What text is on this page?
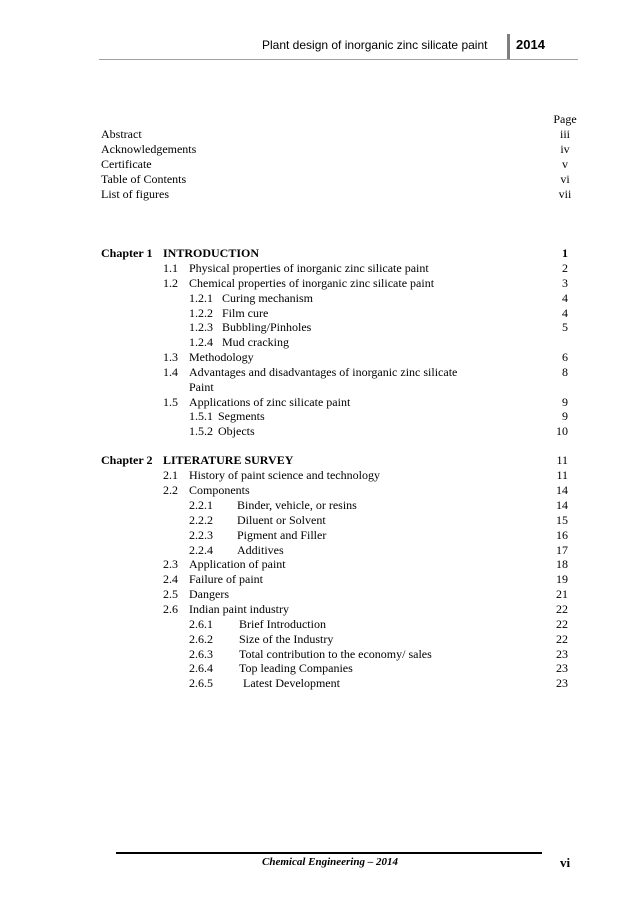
Plant design of inorganic zinc silicate paint 2014
Page
Abstract	iii
Acknowledgements	iv
Certificate	v
Table of Contents	vi
List of figures	vii
Chapter 1 INTRODUCTION	1
1.1 Physical properties of inorganic zinc silicate paint	2
1.2 Chemical properties of inorganic zinc silicate paint	3
1.2.1 Curing mechanism	4
1.2.2 Film cure	4
1.2.3 Bubbling/Pinholes	5
1.2.4 Mud cracking
1.3 Methodology	6
1.4 Advantages and disadvantages of inorganic zinc silicate	8
Paint
1.5 Applications of zinc silicate paint	9
1.5.1 Segments	9
1.5.2 Objects	10
Chapter 2 LITERATURE SURVEY	11
2.1 History of paint science and technology	11
2.2 Components	14
2.2.1 Binder, vehicle, or resins	14
2.2.2 Diluent or Solvent	15
2.2.3 Pigment and Filler	16
2.2.4 Additives	17
2.3 Application of paint	18
2.4 Failure of paint	19
2.5 Dangers	21
2.6 Indian paint industry	22
2.6.1 Brief Introduction	22
2.6.2 Size of the Industry	22
2.6.3 Total contribution to the economy/ sales	23
2.6.4 Top leading Companies	23
2.6.5	Latest Development	23
Chemical Engineering – 2014	vi
